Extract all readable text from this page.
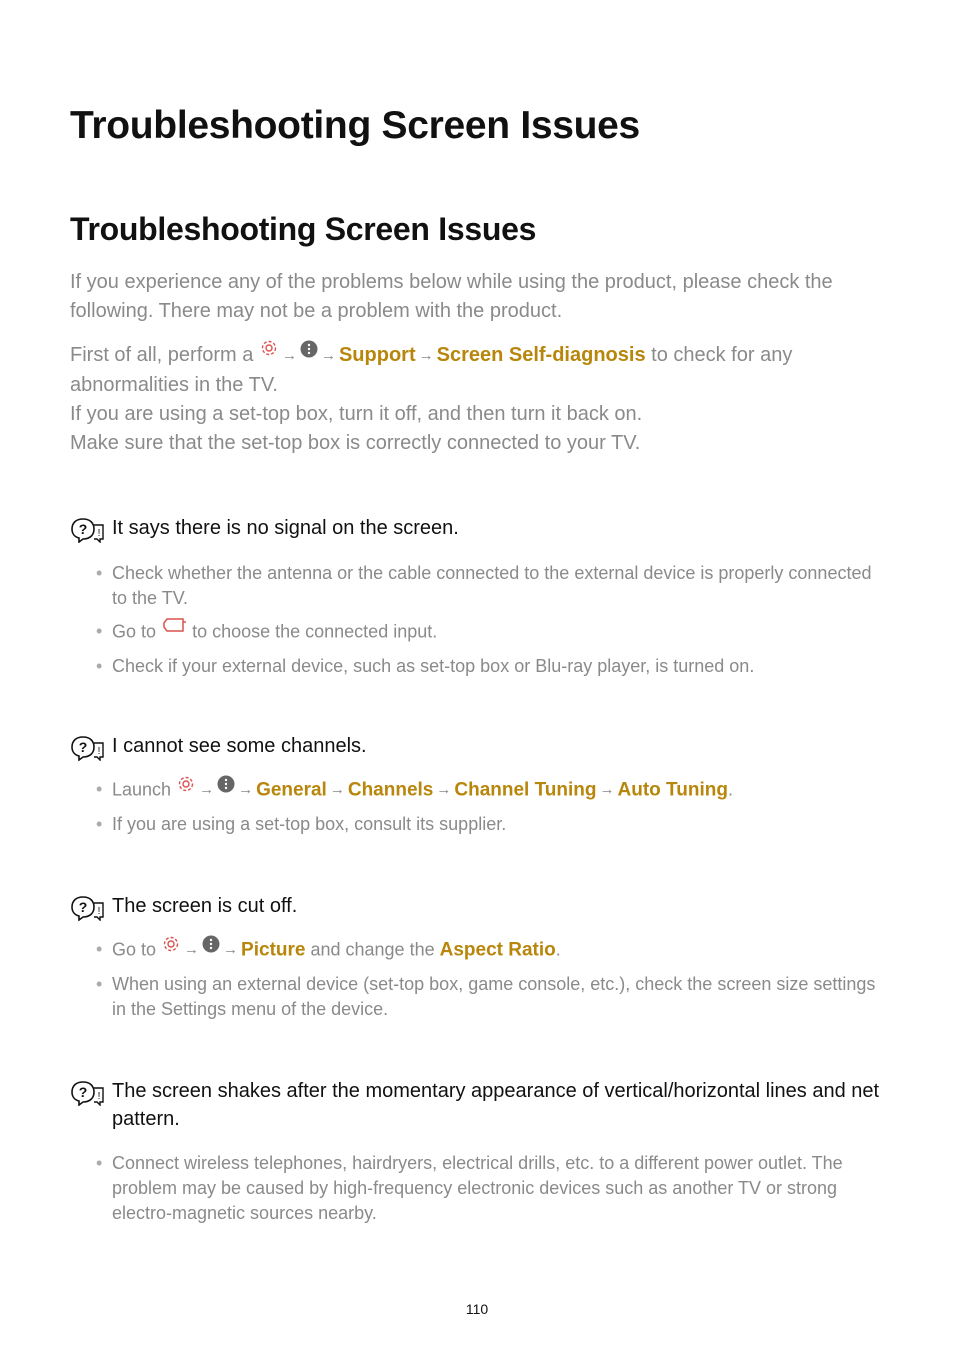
Troubleshooting Screen Issues
Troubleshooting Screen Issues

If you experience any of the problems below while using the product, please check the
following. There may not be a problem with the product.

First of all, perform a → → Support → Screen Self-diagnosis to check for any
abnormalities in the TV.
If you are using a set-top box, turn it off, and then turn it back on.
Make sure that the set-top box is correctly connected to your TV.

? ! It says there is no signal on the screen.
• Check whether the antenna or the cable connected to the external device is properly connected to the TV.
• Go to to choose the connected input.
• Check if your external device, such as set-top box or Blu-ray player, is turned on.
? ! I cannot see some channels.
• Launch → → General → Channels → Channel Tuning → Auto Tuning.
• If you are using a set-top box, consult its supplier.
? ! The screen is cut off.
• Go to → → Picture and change the Aspect Ratio.
• When using an external device (set-top box, game console, etc.), check the screen size settings in the Settings menu of the device.
? ! The screen shakes after the momentary appearance of vertical/horizontal lines and net pattern.
• Connect wireless telephones, hairdryers, electrical drills, etc. to a different power outlet. The problem may be caused by high-frequency electronic devices such as another TV or strong electro-magnetic sources nearby.
110
